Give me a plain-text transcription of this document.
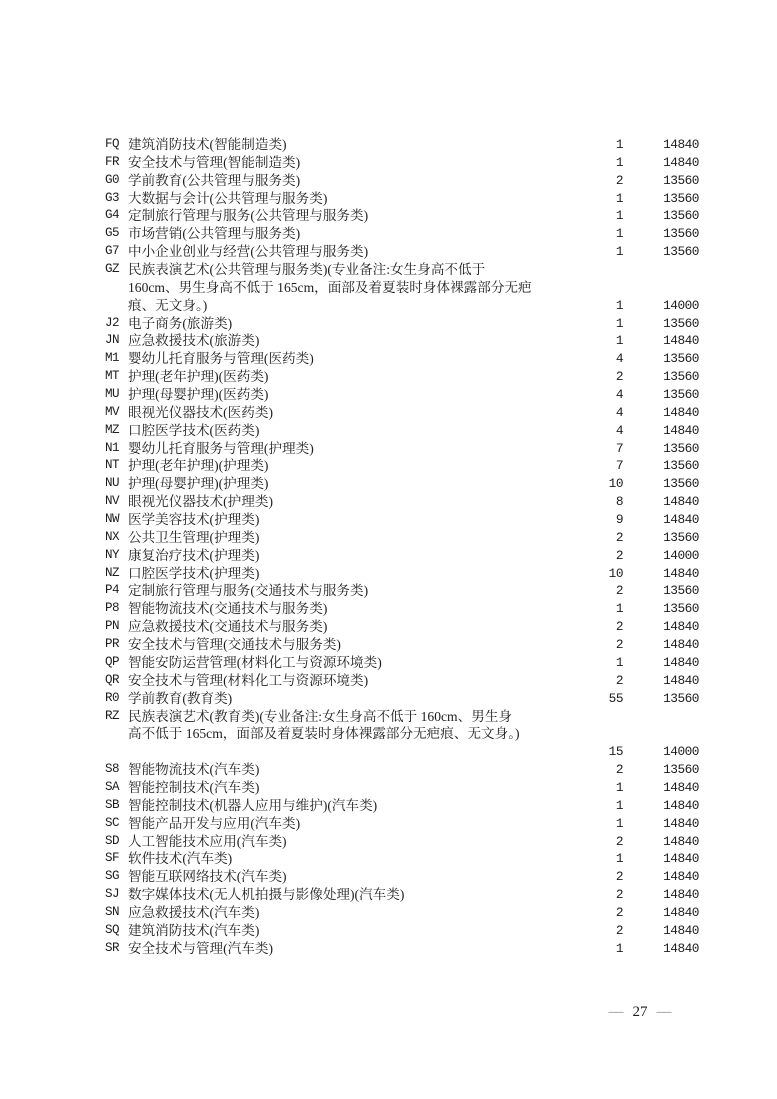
FQ 建筑消防技术(智能制造类)	1	14840
FR 安全技术与管理(智能制造类)	1	14840
G0 学前教育(公共管理与服务类)	2	13560
G3 大数据与会计(公共管理与服务类)	1	13560
G4 定制旅行管理与服务(公共管理与服务类)	1	13560
G5 市场营销(公共管理与服务类)	1	13560
G7 中小企业创业与经营(公共管理与服务类)	1	13560
GZ 民族表演艺术(公共管理与服务类)(专业备注:女生身高不低于
160cm、男生身高不低于 165cm，面部及着夏装时身体裸露部分无疤
痕、无文身。)	1	14000
J2 电子商务(旅游类)	1	13560
JN 应急救援技术(旅游类)	1	14840
M1 婴幼儿托育服务与管理(医药类)	4	13560
MT 护理(老年护理)(医药类)	2	13560
MU 护理(母婴护理)(医药类)	4	13560
MV 眼视光仪器技术(医药类)	4	14840
MZ 口腔医学技术(医药类)	4	14840
N1 婴幼儿托育服务与管理(护理类)	7	13560
NT 护理(老年护理)(护理类)	7	13560
NU 护理(母婴护理)(护理类)	10	13560
NV 眼视光仪器技术(护理类)	8	14840
NW 医学美容技术(护理类)	9	14840
NX 公共卫生管理(护理类)	2	13560
NY 康复治疗技术(护理类)	2	14000
NZ 口腔医学技术(护理类)	10	14840
P4 定制旅行管理与服务(交通技术与服务类)	2	13560
P8 智能物流技术(交通技术与服务类)	1	13560
PN 应急救援技术(交通技术与服务类)	2	14840
PR 安全技术与管理(交通技术与服务类)	2	14840
QP 智能安防运营管理(材料化工与资源环境类)	1	14840
QR 安全技术与管理(材料化工与资源环境类)	2	14840
R0 学前教育(教育类)	55	13560
RZ 民族表演艺术(教育类)(专业备注:女生身高不低于 160cm、男生身
高不低于 165cm，面部及着夏装时身体裸露部分无疤痕、无文身。)
15	14000
S8 智能物流技术(汽车类)	2	13560
SA 智能控制技术(汽车类)	1	14840
SB 智能控制技术(机器人应用与维护)(汽车类)	1	14840
SC 智能产品开发与应用(汽车类)	1	14840
SD 人工智能技术应用(汽车类)	2	14840
SF 软件技术(汽车类)	1	14840
SG 智能互联网络技术(汽车类)	2	14840
SJ 数字媒体技术(无人机拍摄与影像处理)(汽车类)	2	14840
SN 应急救援技术(汽车类)	2	14840
SQ 建筑消防技术(汽车类)	2	14840
SR 安全技术与管理(汽车类)	1	14840
— 27 —
